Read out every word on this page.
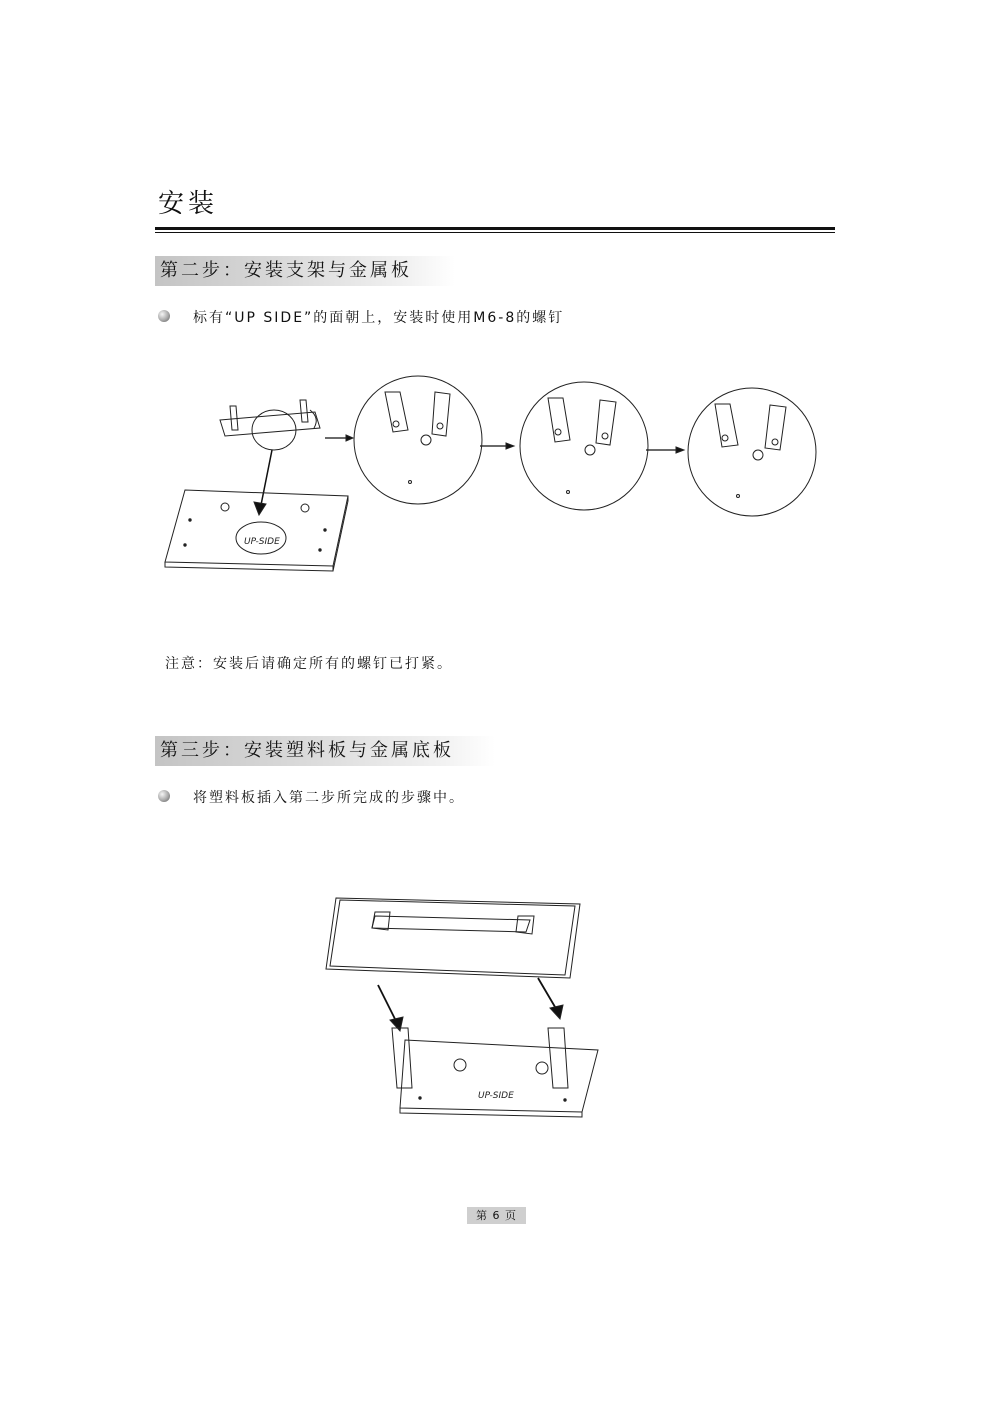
安装
第二步：安装支架与金属板
标有“UP SIDE”的面朝上，安装时使用M6-8的螺钉
UP-SIDE
注意：安装后请确定所有的螺钉已打紧。
第三步：安装塑料板与金属底板
将塑料板插入第二步所完成的步骤中。
UP-SIDE
第 6 页
